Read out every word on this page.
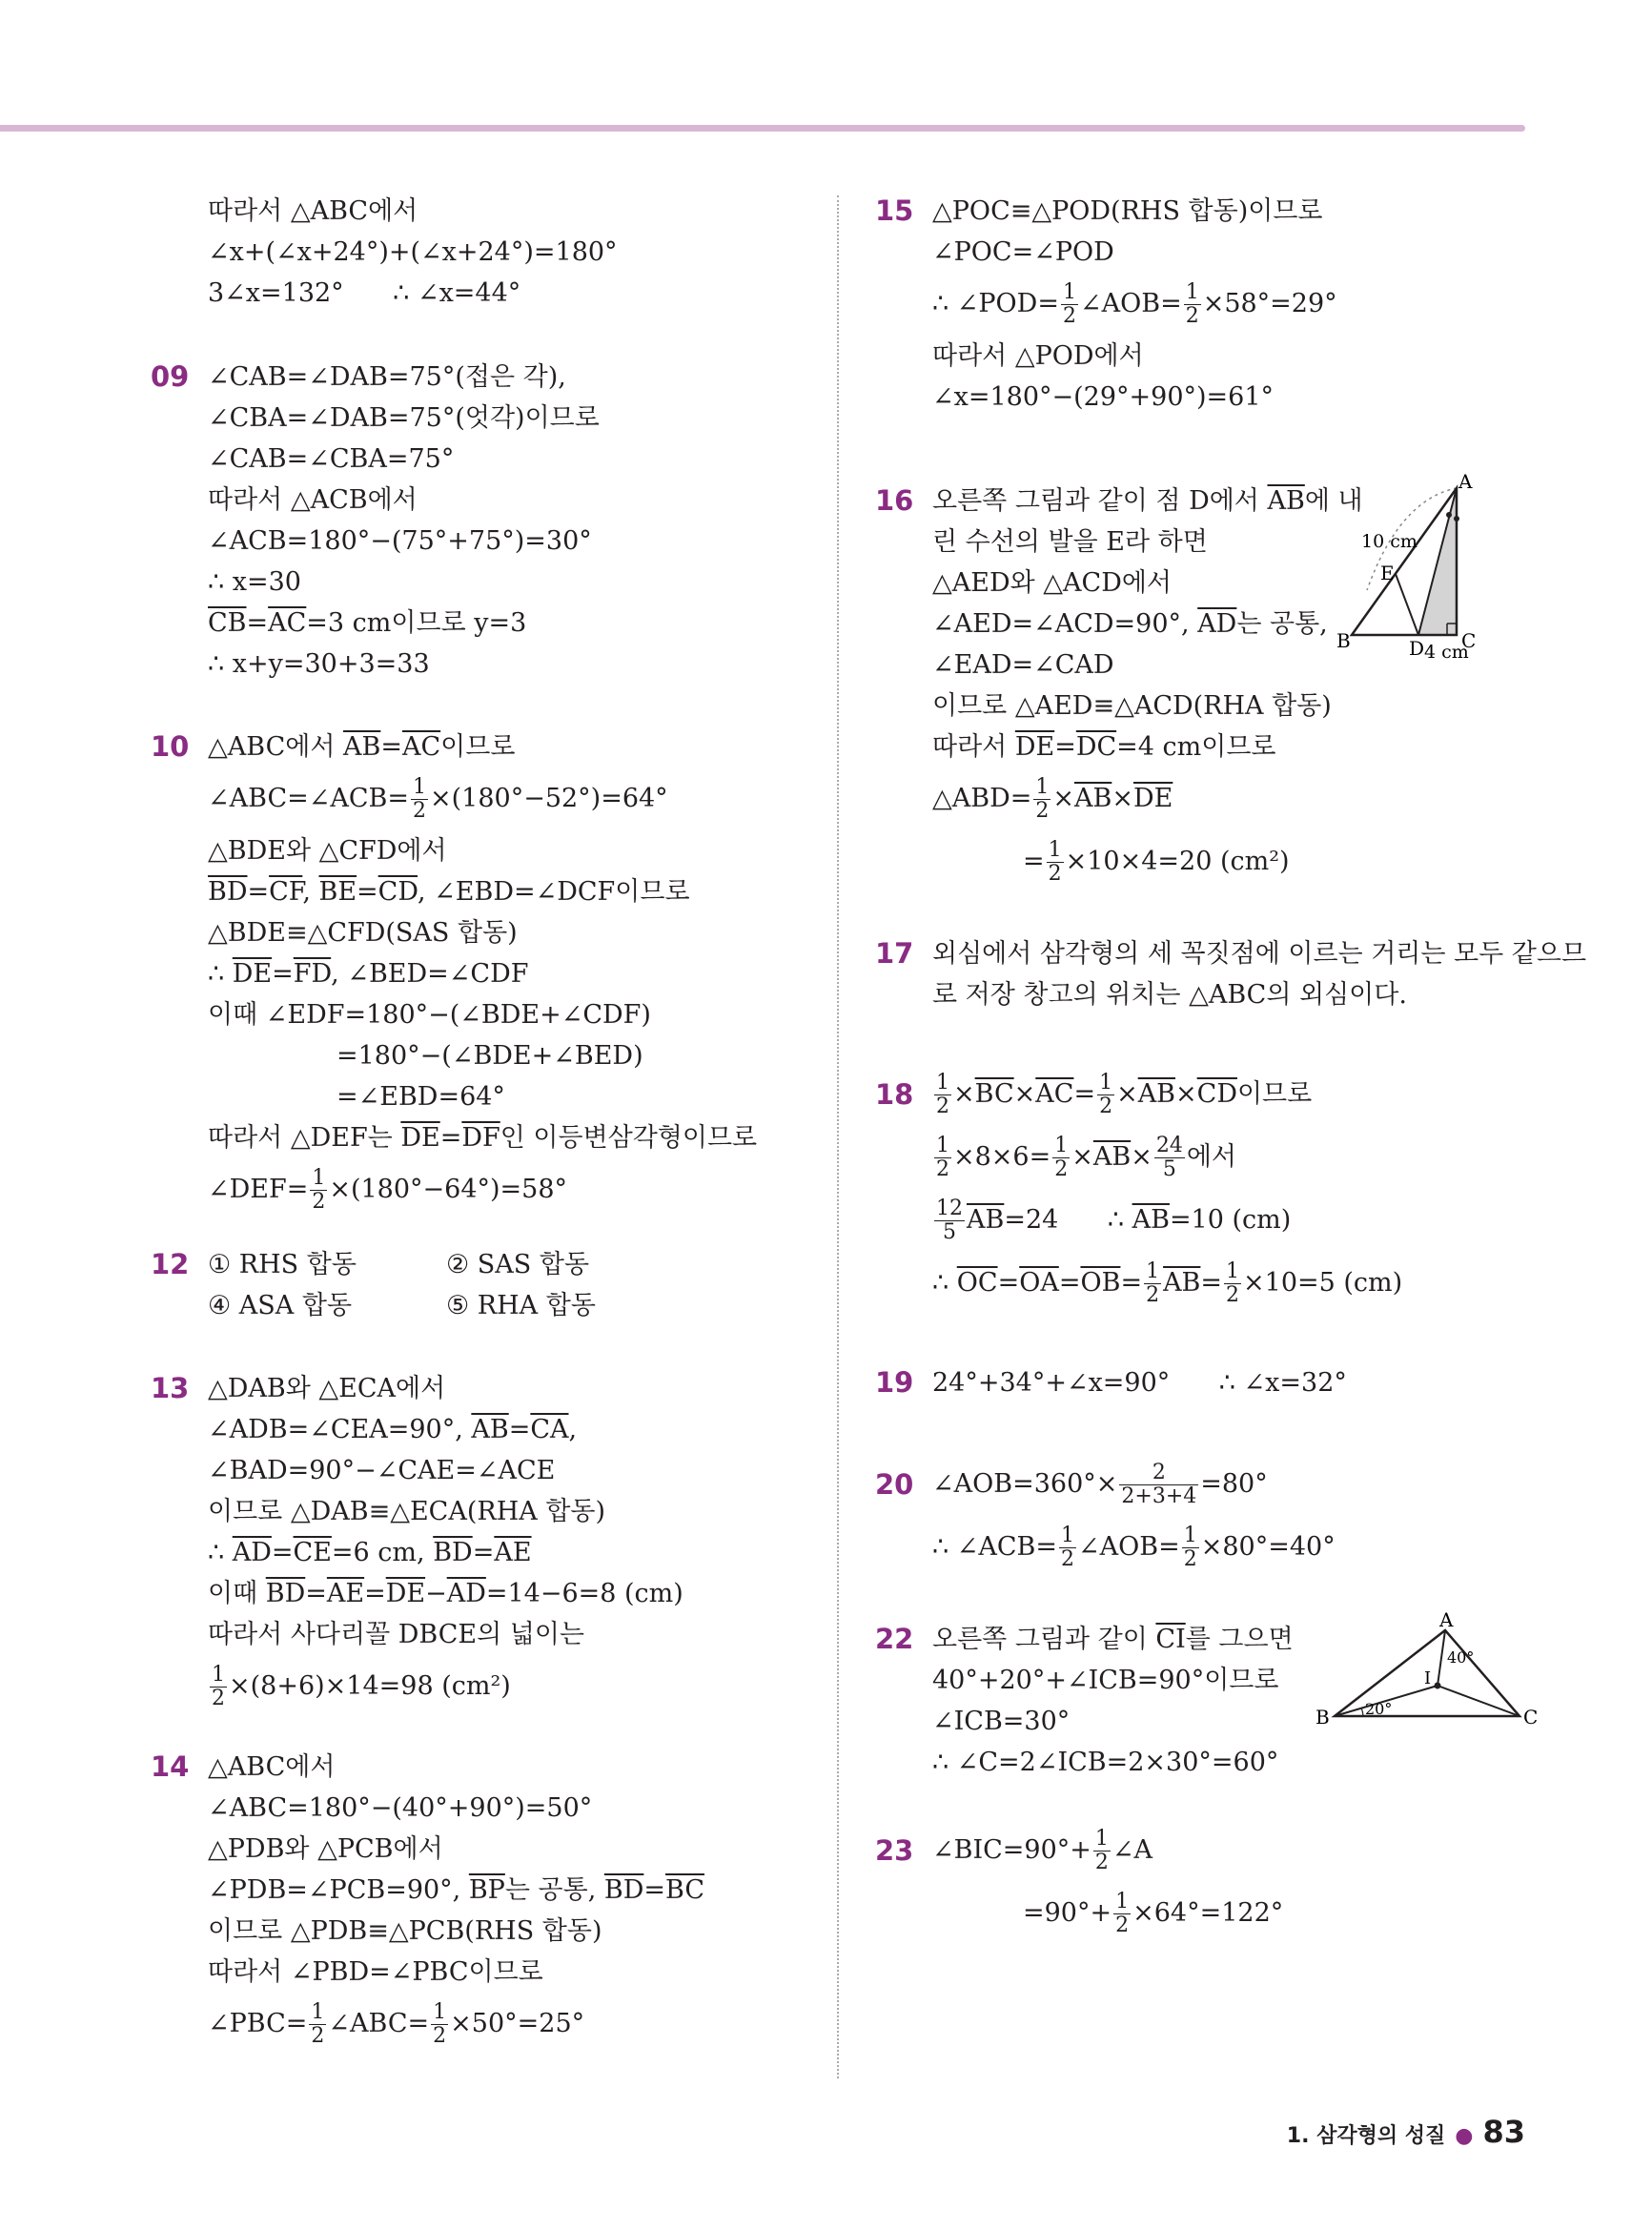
따라서 △ABC에서
∠x+(∠x+24°)+(∠x+24°)=180°
3∠x=132°      ∴ ∠x=44°
09 ∠CAB=∠DAB=75°(접은 각),
∠CBA=∠DAB=75°(엇각)이므로
∠CAB=∠CBA=75°
따라서 △ACB에서
∠ACB=180°−(75°+75°)=30°
∴ x=30
$\overline{CB}=\overline{AC}=3$ cm이므로 y=3
∴ x+y=30+3=33
10 △ABC에서 $\overline{AB}=\overline{AC}$이므로
∠ABC=∠ACB= $\frac{1}{2} \times(180^\circ-52^\circ)=64^\circ$
△BDE와 △CFD에서
$\overline{BD}=\overline{CF}$, $\overline{BE}=\overline{CD}$, ∠EBD=∠DCF이므로
△BDE≡△CFD(SAS 합동)
∴ $\overline{DE}=\overline{FD}$, ∠BED=∠CDF
이때 ∠EDF=180°−(∠BDE+∠CDF)
=180°−(∠BDE+∠BED)
=∠EBD=64°
따라서 △DEF는 $\overline{DE}=\overline{DF}$인 이등변삼각형이므로
∠DEF= $\frac{1}{2} \times(180^\circ-64^\circ)=58^\circ$
12 ① RHS 합동	② SAS 합동
④ ASA 합동	⑤ RHA 합동
13 △DAB와 △ECA에서
∠ADB=∠CEA=90°, $\overline{AB}=\overline{CA}$,
∠BAD=90°−∠CAE=∠ACE
이므로 △DAB≡△ECA(RHA 합동)
∴ $\overline{AD}=\overline{CE}=6$ cm, $\overline{BD}=\overline{AE}$
이때 $\overline{BD}=\overline{AE}=\overline{DE}-\overline{AD}=14-6=8$ (cm)
따라서 사다리꼴 DBCE의 넓이는
$\frac{1}{2} \times(8+6)\times 14=98$ (cm²)
14 △ABC에서
∠ABC=180°−(40°+90°)=50°
△PDB와 △PCB에서
∠PDB=∠PCB=90°, $\overline{BP}$는 공통, $\overline{BD}=\overline{BC}$
이므로 △PDB≡△PCB(RHS 합동)
따라서 ∠PBD=∠PBC이므로
∠PBC= $\frac{1}{2}$ ∠ABC= $\frac{1}{2} \times 50^\circ=25^\circ$
15 △POC≡△POD(RHS 합동)이므로
∠POC=∠POD
∴ ∠POD= $\frac{1}{2}$ ∠AOB= $\frac{1}{2} \times 58^\circ=29^\circ$
따라서 △POD에서
∠x=180°−(29°+90°)=61°
16 오른쪽 그림과 같이 점 D에서 $\overline{AB}$에 내
린 수선의 발을 E라 하면
△AED와 △ACD에서
∠AED=∠ACD=90°, $\overline{AD}$는 공통,
∠EAD=∠CAD
이므로 △AED≡△ACD(RHA 합동)
따라서 $\overline{DE}=\overline{DC}=4$ cm이므로
△ABD= $\frac{1}{2} \times\overline{AB}\times\overline{DE}$
= $\frac{1}{2} \times 10\times 4=20$ (cm²)
A
B	C
D
E
10 cm
4 cm
17 외심에서 삼각형의 세 꼭짓점에 이르는 거리는 모두 같으므
로 저장 창고의 위치는 △ABC의 외심이다.
$18 \frac{1}{2} \times\overline{BC}\times\overline{AC}= \frac{1}{2} \times\overline{AB}\times\overline{CD}$이므로
$\frac{1}{2} \times 8\times 6= \frac{1}{2} \times\overline{AB}\times \frac{24}{5}$ 에서
$\frac{12}{5} \overline{AB}=24$      ∴ $\overline{AB}=10$ (cm)
∴ $\overline{OC}=\overline{OA}=\overline{OB}= \frac{1}{2} \overline{AB}= \frac{1}{2} \times 10=5$ (cm)
19 24°+34°+∠x=90°      ∴ ∠x=32°
20 ∠AOB=360°× $\frac{2}{2+3+4} =80^\circ$
∴ ∠ACB= $\frac{1}{2}$ ∠AOB= $\frac{1}{2} \times 80^\circ=40^\circ$
22 오른쪽 그림과 같이 $\overline{CI}$를 그으면
40°+20°+∠ICB=90°이므로
∠ICB=30°
∴ ∠C=2∠ICB=2×30°=60°
A
B	C
I
40°
20°
23 ∠BIC=90°+ $\frac{1}{2}$ ∠A
$=90^\circ+ \frac{1}{2} \times 64^\circ=122^\circ$
1. 삼각형의 성질 ● 83
